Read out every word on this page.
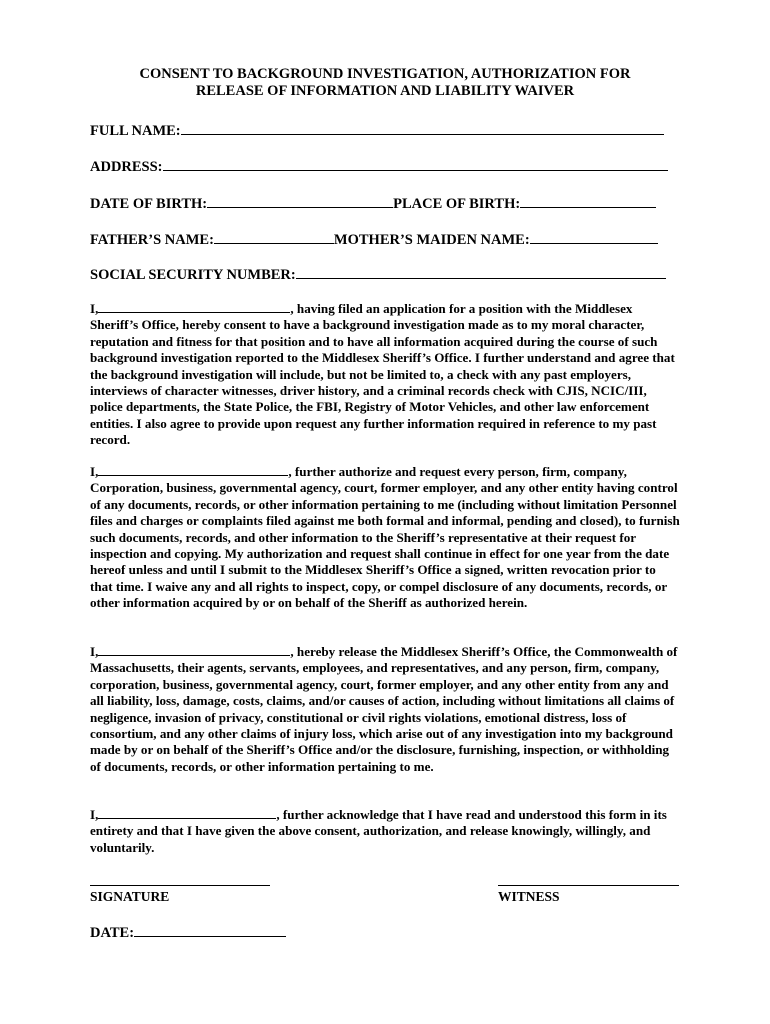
CONSENT TO BACKGROUND INVESTIGATION, AUTHORIZATION FOR
RELEASE OF INFORMATION AND LIABILITY WAIVER
FULL NAME:
ADDRESS:
DATE OF BIRTH:	PLACE OF BIRTH:
FATHER’S NAME:	MOTHER’S MAIDEN NAME:
SOCIAL SECURITY NUMBER:
I,	, having filed an application for a position with the Middlesex Sheriff’s Office, hereby consent to have a background investigation made as to my moral character, reputation and fitness for that position and to have all information acquired during the course of such background investigation reported to the Middlesex Sheriff’s Office. I further understand and agree that the background investigation will include, but not be limited to, a check with any past employers, interviews of character witnesses, driver history, and a criminal records check with CJIS, NCIC/III, police departments, the State Police, the FBI, Registry of Motor Vehicles, and other law enforcement entities. I also agree to provide upon request any further information required in reference to my past record.
I,	, further authorize and request every person, firm, company, Corporation, business, governmental agency, court, former employer, and any other entity having control of any documents, records, or other information pertaining to me (including without limitation Personnel files and charges or complaints filed against me both formal and informal, pending and closed), to furnish such documents, records, and other information to the Sheriff’s representative at their request for inspection and copying. My authorization and request shall continue in effect for one year from the date hereof unless and until I submit to the Middlesex Sheriff’s Office a signed, written revocation prior to that time. I waive any and all rights to inspect, copy, or compel disclosure of any documents, records, or other information acquired by or on behalf of the Sheriff as authorized herein.
I,	, hereby release the Middlesex Sheriff’s Office, the Commonwealth of Massachusetts, their agents, servants, employees, and representatives, and any person, firm, company, corporation, business, governmental agency, court, former employer, and any other entity from any and all liability, loss, damage, costs, claims, and/or causes of action, including without limitations all claims of negligence, invasion of privacy, constitutional or civil rights violations, emotional distress, loss of consortium, and any other claims of injury loss, which arise out of any investigation into my background made by or on behalf of the Sheriff’s Office and/or the disclosure, furnishing, inspection, or withholding of documents, records, or other information pertaining to me.
I,	, further acknowledge that I have read and understood this form in its entirety and that I have given the above consent, authorization, and release knowingly, willingly, and voluntarily.
SIGNATURE	WITNESS
DATE:
